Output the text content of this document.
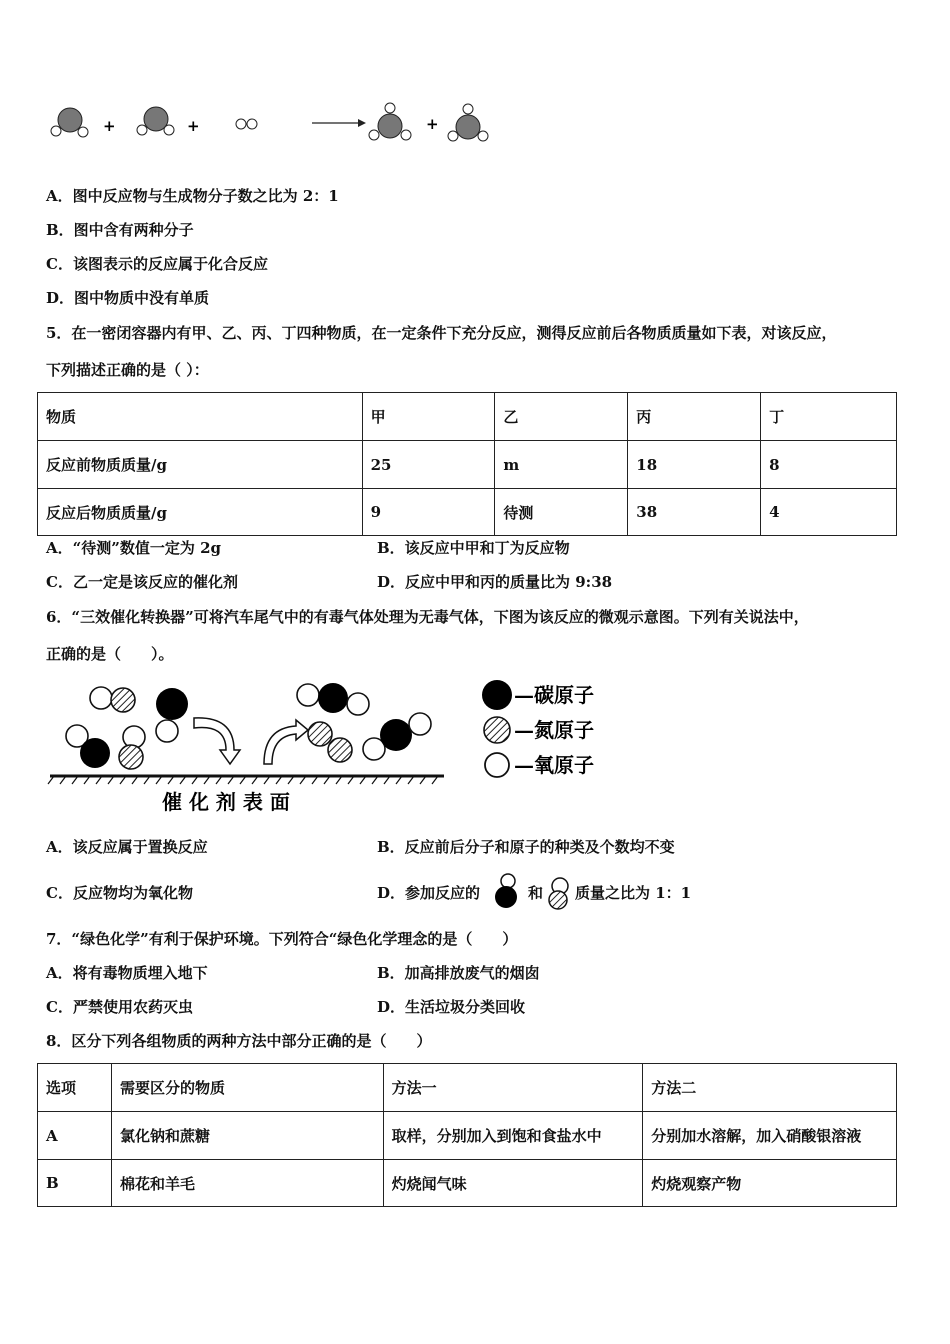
+	+	+
A．图中反应物与生成物分子数之比为 2：1
B．图中含有两种分子
C．该图表示的反应属于化合反应
D．图中物质中没有单质
5．在一密闭容器内有甲、乙、丙、丁四种物质，在一定条件下充分反应，测得反应前后各物质质量如下表，对该反应，
下列描述正确的是（ ）：
物质	甲	乙	丙	丁
反应前物质质量/g	25	m	18	8
反应后物质质量/g	9	待测	38	4
A．“待测”数值一定为 2g	B．该反应中甲和丁为反应物
C．乙一定是该反应的催化剂	D．反应中甲和丙的质量比为 9:38
6．“三效催化转换器”可将汽车尾气中的有毒气体处理为无毒气体，下图为该反应的微观示意图。下列有关说法中，
正确的是（　　）。
催 化 剂 表 面
—碳原子
—氮原子
—氧原子
A．该反应属于置换反应	B．反应前后分子和原子的种类及个数均不变
C．反应物均为氧化物	D．参加反应的	和 质量之比为 1：1
7．“绿色化学”有利于保护环境。下列符合“绿色化学理念的是（　　）
A．将有毒物质埋入地下	B．加高排放废气的烟囱
C．严禁使用农药灭虫	D．生活垃圾分类回收
8．区分下列各组物质的两种方法中部分正确的是（　　）
选项	需要区分的物质	方法一	方法二
A	氯化钠和蔗糖	取样，分别加入到饱和食盐水中	分别加水溶解，加入硝酸银溶液
B	棉花和羊毛	灼烧闻气味	灼烧观察产物
